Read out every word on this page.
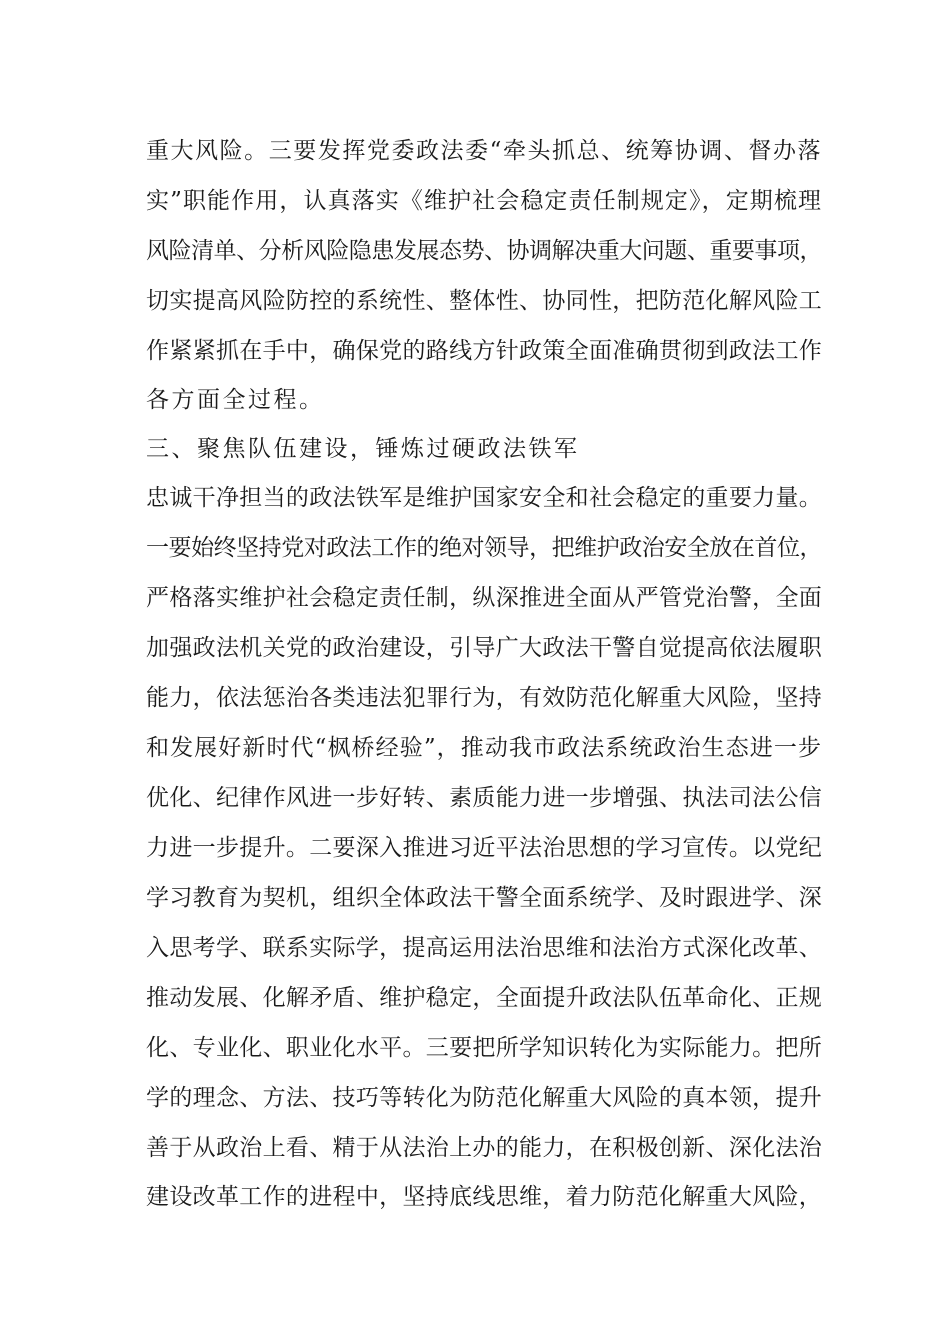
重大风险。三要发挥党委政法委“牵头抓总、统筹协调、督办落

实”职能作用，认真落实《维护社会稳定责任制规定》，定期梳理

风险清单、分析风险隐患发展态势、协调解决重大问题、重要事项，

切实提高风险防控的系统性、整体性、协同性，把防范化解风险工

作紧紧抓在手中，确保党的路线方针政策全面准确贯彻到政法工作

各方面全过程。

三、聚焦队伍建设，锤炼过硬政法铁军

忠诚干净担当的政法铁军是维护国家安全和社会稳定的重要力量。

一要始终坚持党对政法工作的绝对领导，把维护政治安全放在首位，

严格落实维护社会稳定责任制，纵深推进全面从严管党治警，全面

加强政法机关党的政治建设，引导广大政法干警自觉提高依法履职

能力，依法惩治各类违法犯罪行为，有效防范化解重大风险，坚持

和发展好新时代“枫桥经验”，推动我市政法系统政治生态进一步

优化、纪律作风进一步好转、素质能力进一步增强、执法司法公信

力进一步提升。二要深入推进习近平法治思想的学习宣传。以党纪

学习教育为契机，组织全体政法干警全面系统学、及时跟进学、深

入思考学、联系实际学，提高运用法治思维和法治方式深化改革、

推动发展、化解矛盾、维护稳定，全面提升政法队伍革命化、正规

化、专业化、职业化水平。三要把所学知识转化为实际能力。把所

学的理念、方法、技巧等转化为防范化解重大风险的真本领，提升

善于从政治上看、精于从法治上办的能力，在积极创新、深化法治

建设改革工作的进程中，坚持底线思维，着力防范化解重大风险，
